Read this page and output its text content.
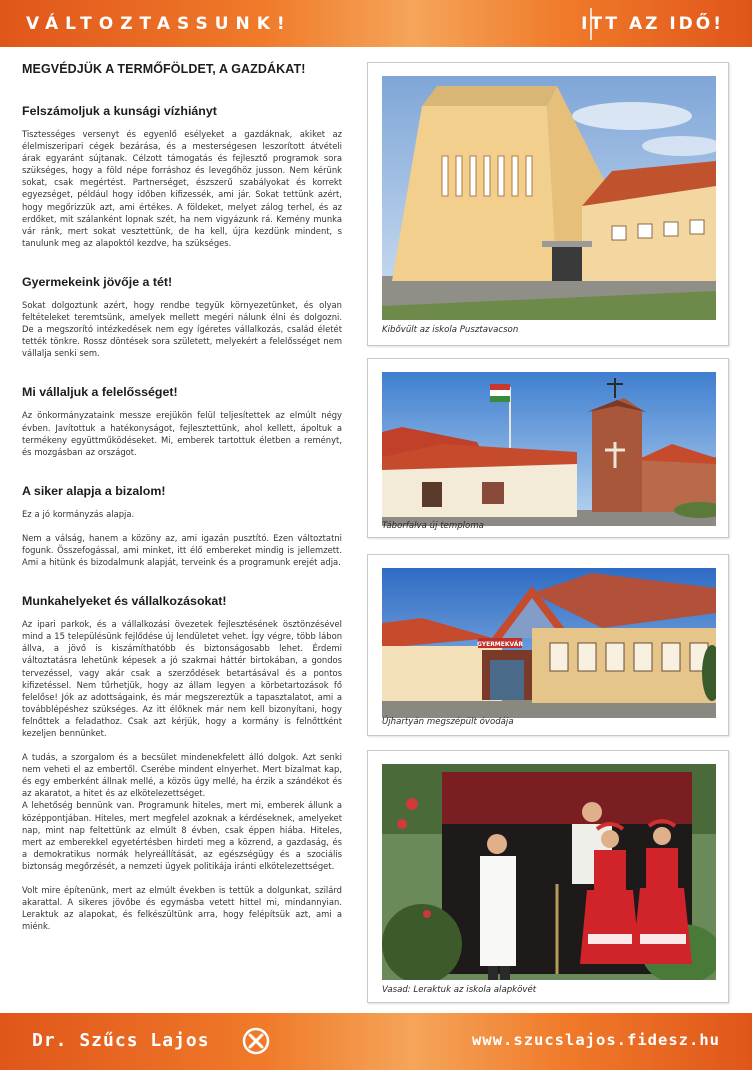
VÁLTOZTASSUNK!	ITT AZ IDŐ!
MEGVÉDJÜK A TERMŐFÖLDET, A GAZDÁKAT!
Felszámoljuk a kunsági vízhiányt

Tisztességes versenyt és egyenlő esélyeket a gazdáknak, akiket az élelmiszeripari cégek bezárása, és a mesterségesen leszorított átvételi árak egyaránt sújtanak. Célzott támogatás és fejlesztő programok sora szükséges, hogy a föld népe forráshoz és levegőhöz jusson. Nem kérünk sokat, csak megértést. Partnerséget, észszerű szabályokat és korrekt egyezséget, például hogy időben kifizessék, ami jár. Sokat tettünk azért, hogy megőrizzük azt, ami értékes. A földeket, melyet zálog terhel, és az erdőket, mit szálanként lopnak szét, ha nem vigyázunk rá. Kemény munka vár ránk, mert sokat vesztettünk, de ha kell, újra kezdünk mindent, s tanulunk meg az alapoktól kezdve, ha szükséges.

Gyermekeink jövője a tét!

Sokat dolgoztunk azért, hogy rendbe tegyük környezetünket, és olyan feltételeket teremtsünk, amelyek mellett megéri nálunk élni és dolgozni. De a megszorító intézkedések nem egy ígéretes vállalkozás, család életét tették tönkre. Rossz döntések sora született, melyekért a felelősséget nem vállalja senki sem.

Mi vállaljuk a felelősséget!

Az önkormányzataink messze erejükön felül teljesítettek az elmúlt négy évben. Javítottuk a hatékonyságot, fejlesztettünk, ahol kellett, ápoltuk a termékeny együttműködéseket. Mi, emberek tartottuk életben a reményt, és mozgásban az országot.

A siker alapja a bizalom!

Ez a jó kormányzás alapja.

Nem a válság, hanem a közöny az, ami igazán pusztító. Ezen változtatni fogunk. Összefogással, ami minket, itt élő embereket mindig is jellemzett. Ami a hitünk és bizodalmunk alapját, terveink és a programunk erejét adja.

Munkahelyeket és vállalkozásokat!

Az ipari parkok, és a vállalkozási övezetek fejlesztésének ösztönzésével mind a 15 településünk fejlődése új lendületet vehet. Így végre, több lábon állva, a jövő is kiszámíthatóbb és biztonságosabb lehet. Érdemi változtatásra lehetünk képesek a jó szakmai háttér birtokában, a gondos tervezéssel, vagy akár csak a szerződések betartásával és a pontos kifizetéssel. Nem tűrhetjük, hogy az állam legyen a körbetartozások fő felelőse! Jók az adottságaink, és már megszereztük a tapasztalatot, ami a továbblépéshez szükséges. Az itt élőknek már nem kell bizonyítani, hogy felnőttek a feladathoz. Csak azt kérjük, hogy a kormány is felnőttként kezeljen bennünket.

A tudás, a szorgalom és a becsület mindenekfelett álló dolgok. Azt senki nem veheti el az embertől. Cserébe mindent elnyerhet. Mert bizalmat kap, és egy emberként állnak mellé, a közös ügy mellé, ha érzik a szándékot és az akaratot, a hitet és az elkötelezettséget.
A lehetőség bennünk van. Programunk hiteles, mert mi, emberek állunk a középpontjában. Hiteles, mert megfelel azoknak a kérdéseknek, amelyeket nap, mint nap feltettünk az elmúlt 8 évben, csak éppen hiába. Hiteles, mert az emberekkel egyetértésben hirdeti meg a közrend, a gazdaság, és a demokratikus normák helyreállítását, az egészségügy és a szociális biztonság megőrzését, a nemzeti ügyek politikája iránti elkötelezettséget.

Volt mire építenünk, mert az elmúlt években is tettük a dolgunkat, szilárd akarattal. A sikeres jövőbe és egymásba vetett hittel mi, mindannyian. Leraktuk az alapokat, és felkészültünk arra, hogy felépítsük azt, ami a miénk.

Kibővült az iskola Pusztavacson
Táborfalva új temploma
GYERMEKVÁR
Újhartyán megszépült óvodája
Vasad: Leraktuk az iskola alapkövét
Dr. Szűcs Lajos	www.szucslajos.fidesz.hu
